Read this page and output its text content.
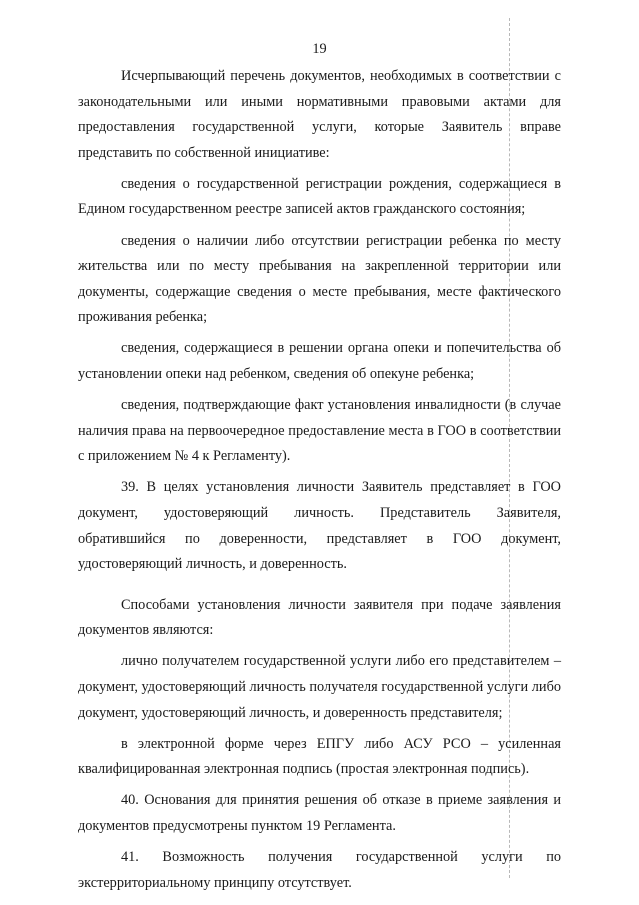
19

Исчерпывающий перечень документов, необходимых в соответствии с законодательными или иными нормативными правовыми актами для предоставления государственной услуги, которые Заявитель вправе представить по собственной инициативе:

сведения о государственной регистрации рождения, содержащиеся в Едином государственном реестре записей актов гражданского состояния;

сведения о наличии либо отсутствии регистрации ребенка по месту жительства или по месту пребывания на закрепленной территории или документы, содержащие сведения о месте пребывания, месте фактического проживания ребенка;

сведения, содержащиеся в решении органа опеки и попечительства об установлении опеки над ребенком, сведения об опекуне ребенка;

сведения, подтверждающие факт установления инвалидности (в случае наличия права на первоочередное предоставление места в ГОО в соответствии с приложением № 4 к Регламенту).

39. В целях установления личности Заявитель представляет в ГОО документ, удостоверяющий личность. Представитель Заявителя, обратившийся по доверенности, представляет в ГОО документ, удостоверяющий личность, и доверенность.

Способами установления личности заявителя при подаче заявления документов являются:

лично получателем государственной услуги либо его представителем – документ, удостоверяющий личность получателя государственной услуги либо документ, удостоверяющий личность, и доверенность представителя;

в электронной форме через ЕПГУ либо АСУ РСО – усиленная квалифицированная электронная подпись (простая электронная подпись).

40. Основания для принятия решения об отказе в приеме заявления и документов предусмотрены пунктом 19 Регламента.

41. Возможность получения государственной услуги по экстерриториальному принципу отсутствует.
